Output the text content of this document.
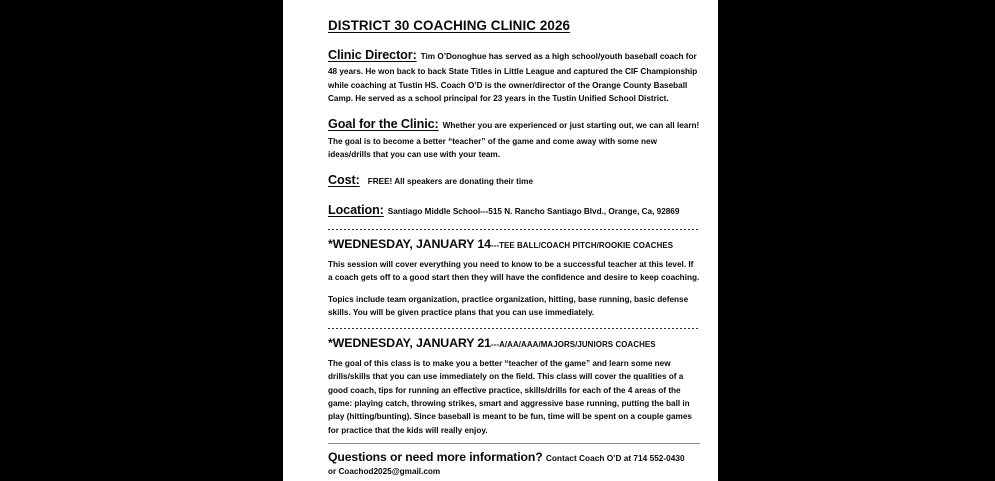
DISTRICT 30 COACHING CLINIC 2026

Clinic Director: Tim O’Donoghue has served as a high school/youth baseball coach for 48 years. He won back to back State Titles in Little League and captured the CIF Championship while coaching at Tustin HS. Coach O’D is the owner/director of the Orange County Baseball Camp. He served as a school principal for 23 years in the Tustin Unified School District.

Goal for the Clinic: Whether you are experienced or just starting out, we can all learn! The goal is to become a better “teacher” of the game and come away with some new ideas/drills that you can use with your team.

Cost: FREE! All speakers are donating their time

Location: Santiago Middle School---515 N. Rancho Santiago Blvd., Orange, Ca, 92869

*WEDNESDAY, JANUARY 14---TEE BALL/COACH PITCH/ROOKIE COACHES

This session will cover everything you need to know to be a successful teacher at this level. If a coach gets off to a good start then they will have the confidence and desire to keep coaching.

Topics include team organization, practice organization, hitting, base running, basic defense skills. You will be given practice plans that you can use immediately.

*WEDNESDAY, JANUARY 21---A/AA/AAA/MAJORS/JUNIORS COACHES

The goal of this class is to make you a better “teacher of the game” and learn some new drills/skills that you can use immediately on the field. This class will cover the qualities of a good coach, tips for running an effective practice, skills/drills for each of the 4 areas of the game: playing catch, throwing strikes, smart and aggressive base running, putting the ball in play (hitting/bunting). Since baseball is meant to be fun, time will be spent on a couple games for practice that the kids will really enjoy.

Questions or need more information? Contact Coach O’D at 714 552-0430
or Coachod2025@gmail.com
